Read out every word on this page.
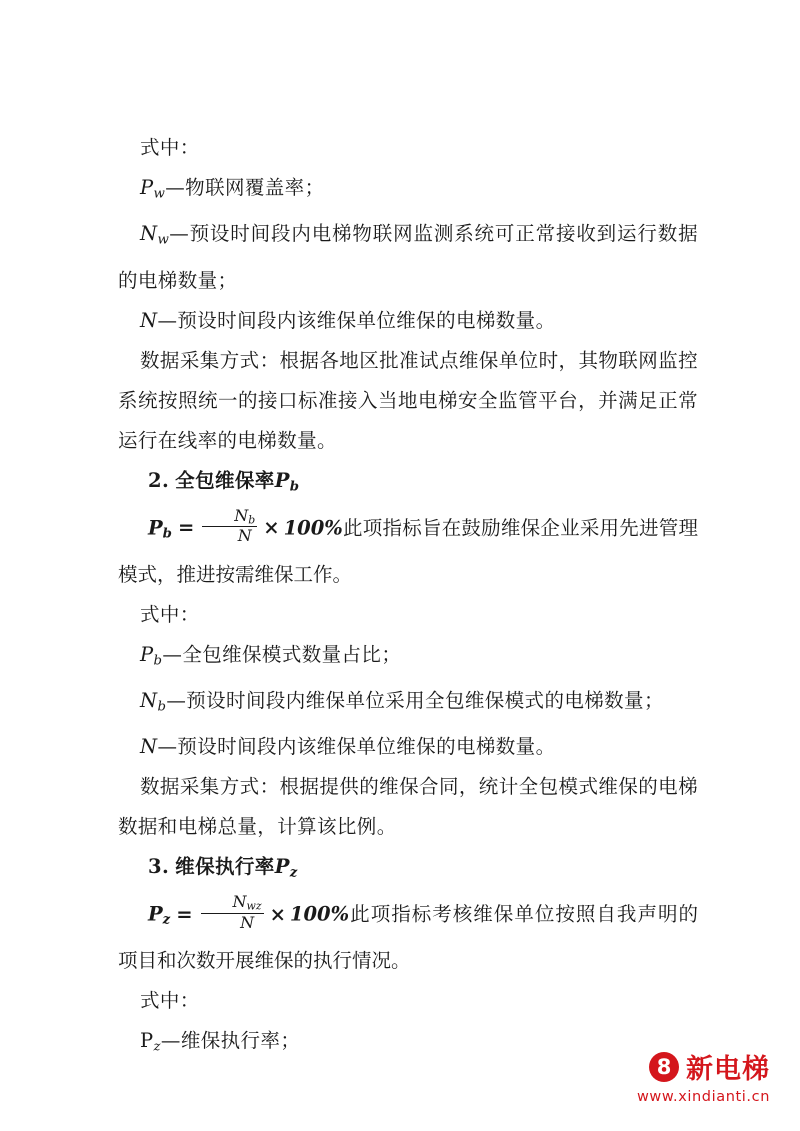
式中：

$P_w—$物联网覆盖率；

$N_w—$预设时间段内电梯物联网监测系统可正常接收到运行数据的电梯数量；

N—预设时间段内该维保单位维保的电梯数量。

数据采集方式：根据各地区批准试点维保单位时，其物联网监控系统按照统一的接口标准接入当地电梯安全监管平台，并满足正常运行在线率的电梯数量。

2. 全包维保率$P_b$

$P_b = \frac{N_b}{N} \times 100\%$此项指标旨在鼓励维保企业采用先进管理模式，推进按需维保工作。

式中：

$P_b—$全包维保模式数量占比；

$N_b—$预设时间段内维保单位采用全包维保模式的电梯数量；

N—预设时间段内该维保单位维保的电梯数量。

数据采集方式：根据提供的维保合同，统计全包模式维保的电梯数据和电梯总量，计算该比例。

3. 维保执行率$P_z$

$P_z = \frac{N_{wz}}{N} \times 100\%$此项指标考核维保单位按照自我声明的项目和次数开展维保的执行情况。

式中：

$P_z—$维保执行率；

8 新电梯
www.xindianti.cn
